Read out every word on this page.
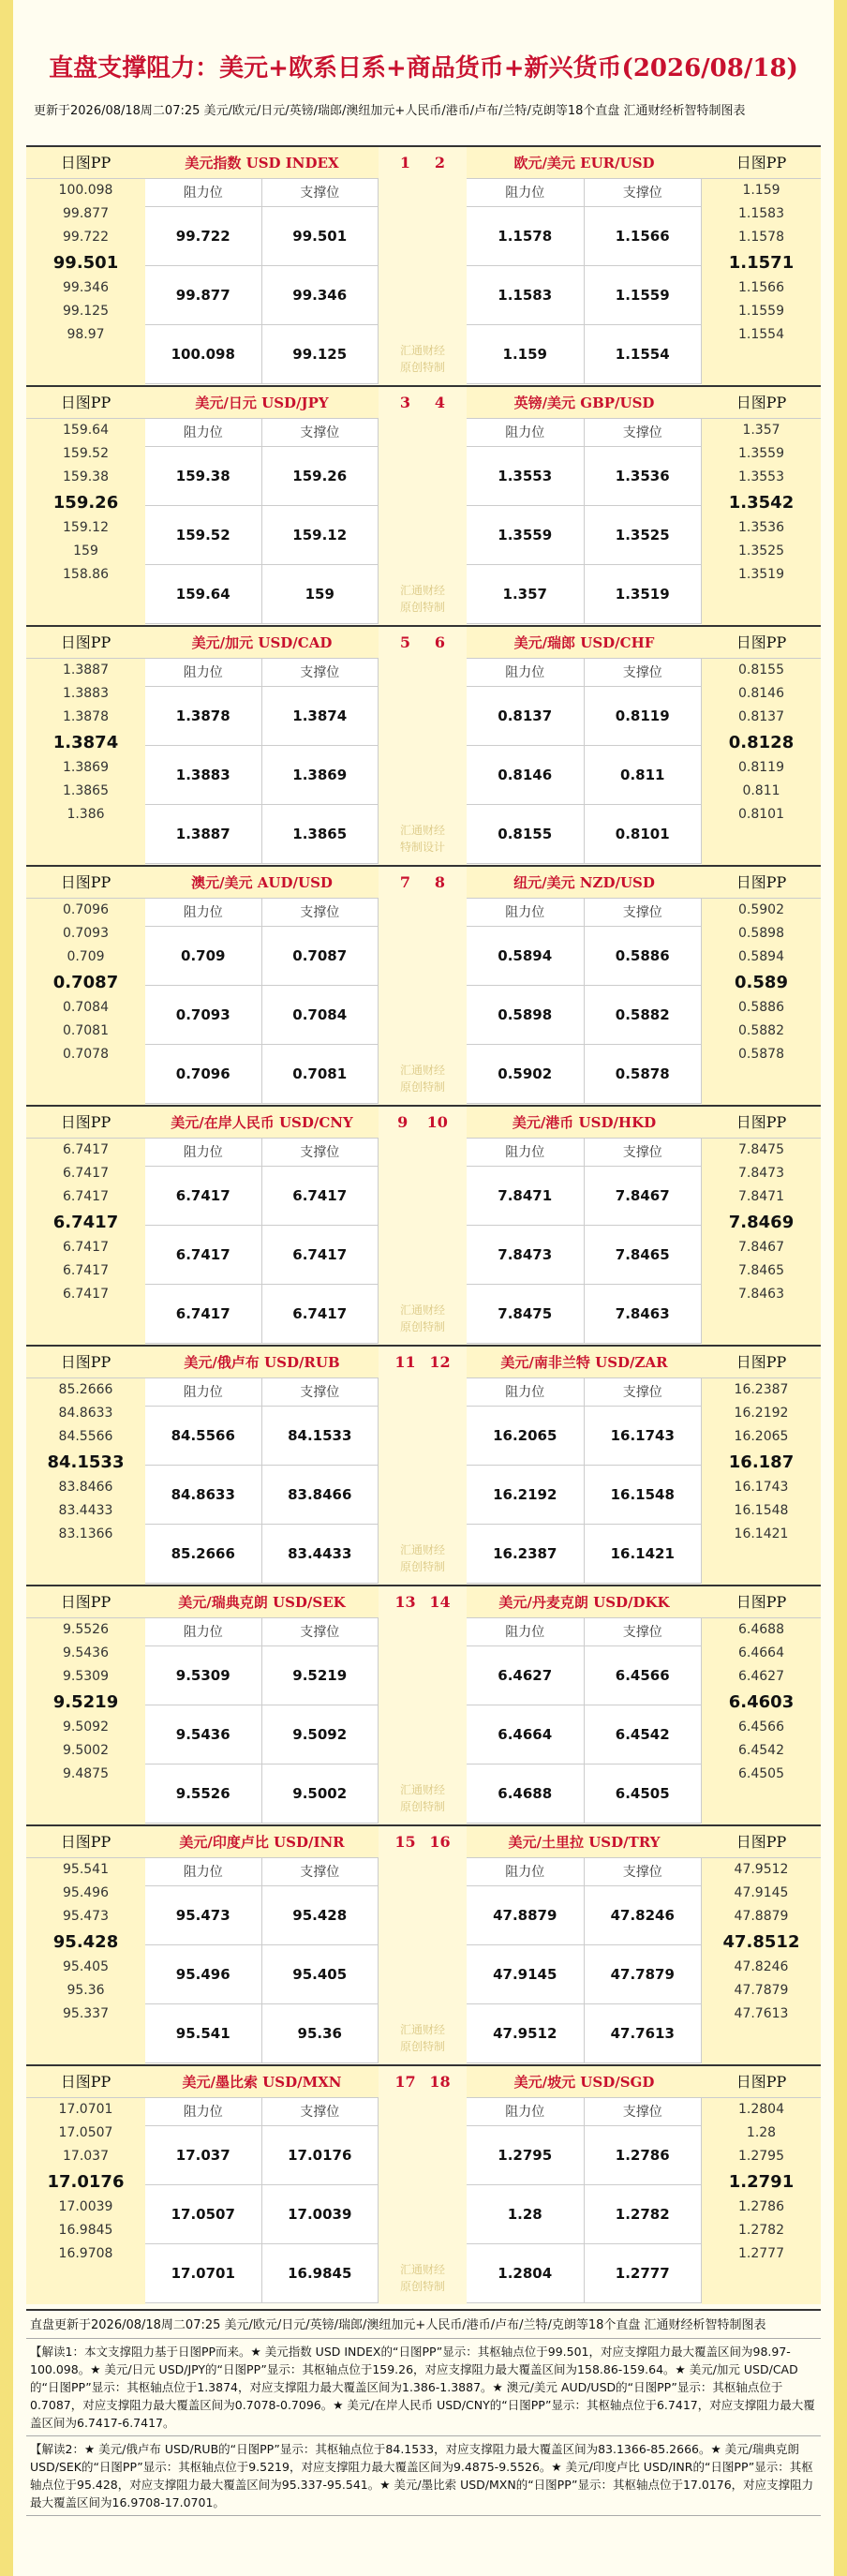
直盘支撑阻力：美元+欧系日系+商品货币+新兴货币(2026/08/18)
更新于2026/08/18周二07:25 美元/欧元/日元/英镑/瑞郎/澳纽加元+人民币/港币/卢布/兰特/克朗等18个直盘 汇通财经析智特制图表
日图PP
100.098
99.877
99.722
99.501
99.346
99.125
98.97
美元指数 USD INDEX
阻力位	支撑位
99.722	99.501
99.877	99.346
100.098	99.125
1 2
汇通财经
原创特制
欧元/美元 EUR/USD
阻力位	支撑位
1.1578	1.1566
1.1583	1.1559
1.159	1.1554
日图PP
1.159
1.1583
1.1578
1.1571
1.1566
1.1559
1.1554
日图PP
159.64
159.52
159.38
159.26
159.12
159
158.86
美元/日元 USD/JPY
阻力位	支撑位
159.38	159.26
159.52	159.12
159.64	159
3 4
汇通财经
原创特制
英镑/美元 GBP/USD
阻力位	支撑位
1.3553	1.3536
1.3559	1.3525
1.357	1.3519
日图PP
1.357
1.3559
1.3553
1.3542
1.3536
1.3525
1.3519
日图PP
1.3887
1.3883
1.3878
1.3874
1.3869
1.3865
1.386
美元/加元 USD/CAD
阻力位	支撑位
1.3878	1.3874
1.3883	1.3869
1.3887	1.3865
5 6
汇通财经
特制设计
美元/瑞郎 USD/CHF
阻力位	支撑位
0.8137	0.8119
0.8146	0.811
0.8155	0.8101
日图PP
0.8155
0.8146
0.8137
0.8128
0.8119
0.811
0.8101
日图PP
0.7096
0.7093
0.709
0.7087
0.7084
0.7081
0.7078
澳元/美元 AUD/USD
阻力位	支撑位
0.709	0.7087
0.7093	0.7084
0.7096	0.7081
7 8
汇通财经
原创特制
纽元/美元 NZD/USD
阻力位	支撑位
0.5894	0.5886
0.5898	0.5882
0.5902	0.5878
日图PP
0.5902
0.5898
0.5894
0.589
0.5886
0.5882
0.5878
日图PP
6.7417
6.7417
6.7417
6.7417
6.7417
6.7417
6.7417
美元/在岸人民币 USD/CNY
阻力位	支撑位
6.7417	6.7417
6.7417	6.7417
6.7417	6.7417
9 10
汇通财经
原创特制
美元/港币 USD/HKD
阻力位	支撑位
7.8471	7.8467
7.8473	7.8465
7.8475	7.8463
日图PP
7.8475
7.8473
7.8471
7.8469
7.8467
7.8465
7.8463
日图PP
85.2666
84.8633
84.5566
84.1533
83.8466
83.4433
83.1366
美元/俄卢布 USD/RUB
阻力位	支撑位
84.5566	84.1533
84.8633	83.8466
85.2666	83.4433
11 12
汇通财经
原创特制
美元/南非兰特 USD/ZAR
阻力位	支撑位
16.2065	16.1743
16.2192	16.1548
16.2387	16.1421
日图PP
16.2387
16.2192
16.2065
16.187
16.1743
16.1548
16.1421
日图PP
9.5526
9.5436
9.5309
9.5219
9.5092
9.5002
9.4875
美元/瑞典克朗 USD/SEK
阻力位	支撑位
9.5309	9.5219
9.5436	9.5092
9.5526	9.5002
13 14
汇通财经
原创特制
美元/丹麦克朗 USD/DKK
阻力位	支撑位
6.4627	6.4566
6.4664	6.4542
6.4688	6.4505
日图PP
6.4688
6.4664
6.4627
6.4603
6.4566
6.4542
6.4505
日图PP
95.541
95.496
95.473
95.428
95.405
95.36
95.337
美元/印度卢比 USD/INR
阻力位	支撑位
95.473	95.428
95.496	95.405
95.541	95.36
15 16
汇通财经
原创特制
美元/土里拉 USD/TRY
阻力位	支撑位
47.8879	47.8246
47.9145	47.7879
47.9512	47.7613
日图PP
47.9512
47.9145
47.8879
47.8512
47.8246
47.7879
47.7613
日图PP
17.0701
17.0507
17.037
17.0176
17.0039
16.9845
16.9708
美元/墨比索 USD/MXN
阻力位	支撑位
17.037	17.0176
17.0507	17.0039
17.0701	16.9845
17 18
汇通财经
原创特制
美元/坡元 USD/SGD
阻力位	支撑位
1.2795	1.2786
1.28	1.2782
1.2804	1.2777
日图PP
1.2804
1.28
1.2795
1.2791
1.2786
1.2782
1.2777
直盘更新于2026/08/18周二07:25 美元/欧元/日元/英镑/瑞郎/澳纽加元+人民币/港币/卢布/兰特/克朗等18个直盘 汇通财经析智特制图表
【解读1：本文支撑阻力基于日图PP而来。★ 美元指数 USD INDEX的“日图PP”显示：其枢轴点位于99.501，对应支撑阻力最大覆盖区间为98.97-100.098。★ 美元/日元 USD/JPY的“日图PP”显示：其枢轴点位于159.26，对应支撑阻力最大覆盖区间为158.86-159.64。★ 美元/加元 USD/CAD的“日图PP”显示：其枢轴点位于1.3874，对应支撑阻力最大覆盖区间为1.386-1.3887。★ 澳元/美元 AUD/USD的“日图PP”显示：其枢轴点位于0.7087，对应支撑阻力最大覆盖区间为0.7078-0.7096。★ 美元/在岸人民币 USD/CNY的“日图PP”显示：其枢轴点位于6.7417，对应支撑阻力最大覆盖区间为6.7417-6.7417。
【解读2：★ 美元/俄卢布 USD/RUB的“日图PP”显示：其枢轴点位于84.1533，对应支撑阻力最大覆盖区间为83.1366-85.2666。★ 美元/瑞典克朗 USD/SEK的“日图PP”显示：其枢轴点位于9.5219，对应支撑阻力最大覆盖区间为9.4875-9.5526。★ 美元/印度卢比 USD/INR的“日图PP”显示：其枢轴点位于95.428，对应支撑阻力最大覆盖区间为95.337-95.541。★ 美元/墨比索 USD/MXN的“日图PP”显示：其枢轴点位于17.0176，对应支撑阻力最大覆盖区间为16.9708-17.0701。
